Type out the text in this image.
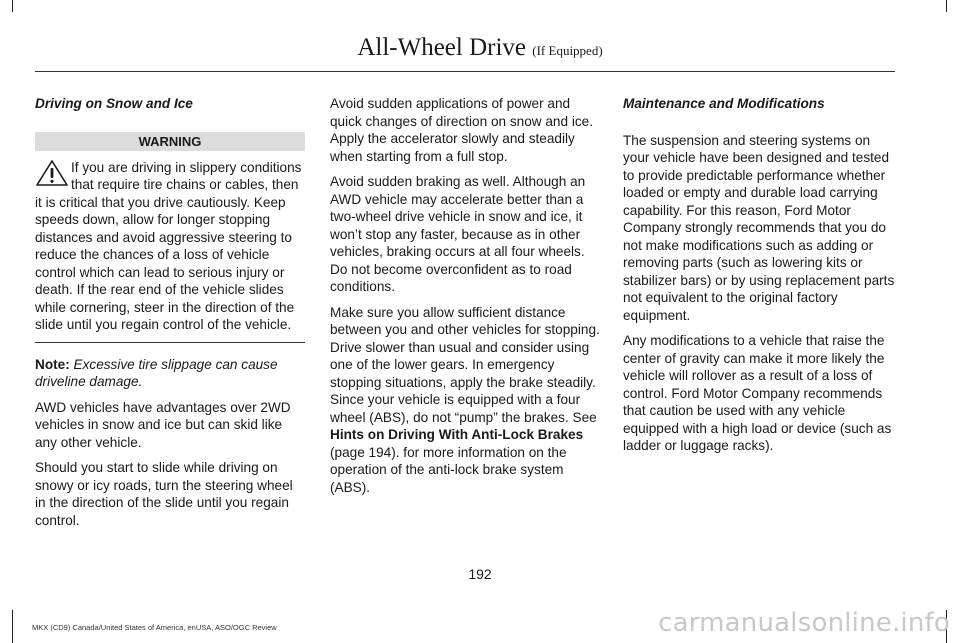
All-Wheel Drive (If Equipped)

Driving on Snow and Ice

WARNING
If you are driving in slippery conditions that require tire chains or cables, then it is critical that you drive cautiously. Keep speeds down, allow for longer stopping distances and avoid aggressive steering to reduce the chances of a loss of vehicle control which can lead to serious injury or death. If the rear end of the vehicle slides while cornering, steer in the direction of the slide until you regain control of the vehicle.

Note: Excessive tire slippage can cause driveline damage.

AWD vehicles have advantages over 2WD vehicles in snow and ice but can skid like any other vehicle.

Should you start to slide while driving on snowy or icy roads, turn the steering wheel in the direction of the slide until you regain control.

Avoid sudden applications of power and quick changes of direction on snow and ice. Apply the accelerator slowly and steadily when starting from a full stop.

Avoid sudden braking as well. Although an AWD vehicle may accelerate better than a two-wheel drive vehicle in snow and ice, it won’t stop any faster, because as in other vehicles, braking occurs at all four wheels. Do not become overconfident as to road conditions.

Make sure you allow sufficient distance between you and other vehicles for stopping. Drive slower than usual and consider using one of the lower gears. In emergency stopping situations, apply the brake steadily. Since your vehicle is equipped with a four wheel (ABS), do not “pump” the brakes. See Hints on Driving With Anti-Lock Brakes (page 194). for more information on the operation of the anti-lock brake system (ABS).

Maintenance and Modifications

The suspension and steering systems on your vehicle have been designed and tested to provide predictable performance whether loaded or empty and durable load carrying capability. For this reason, Ford Motor Company strongly recommends that you do not make modifications such as adding or removing parts (such as lowering kits or stabilizer bars) or by using replacement parts not equivalent to the original factory equipment.

Any modifications to a vehicle that raise the center of gravity can make it more likely the vehicle will rollover as a result of a loss of control. Ford Motor Company recommends that caution be used with any vehicle equipped with a high load or device (such as ladder or luggage racks).

192
MKX (CD9) Canada/United States of America, enUSA, ASO/OGC Review	carmanualsonline.info
